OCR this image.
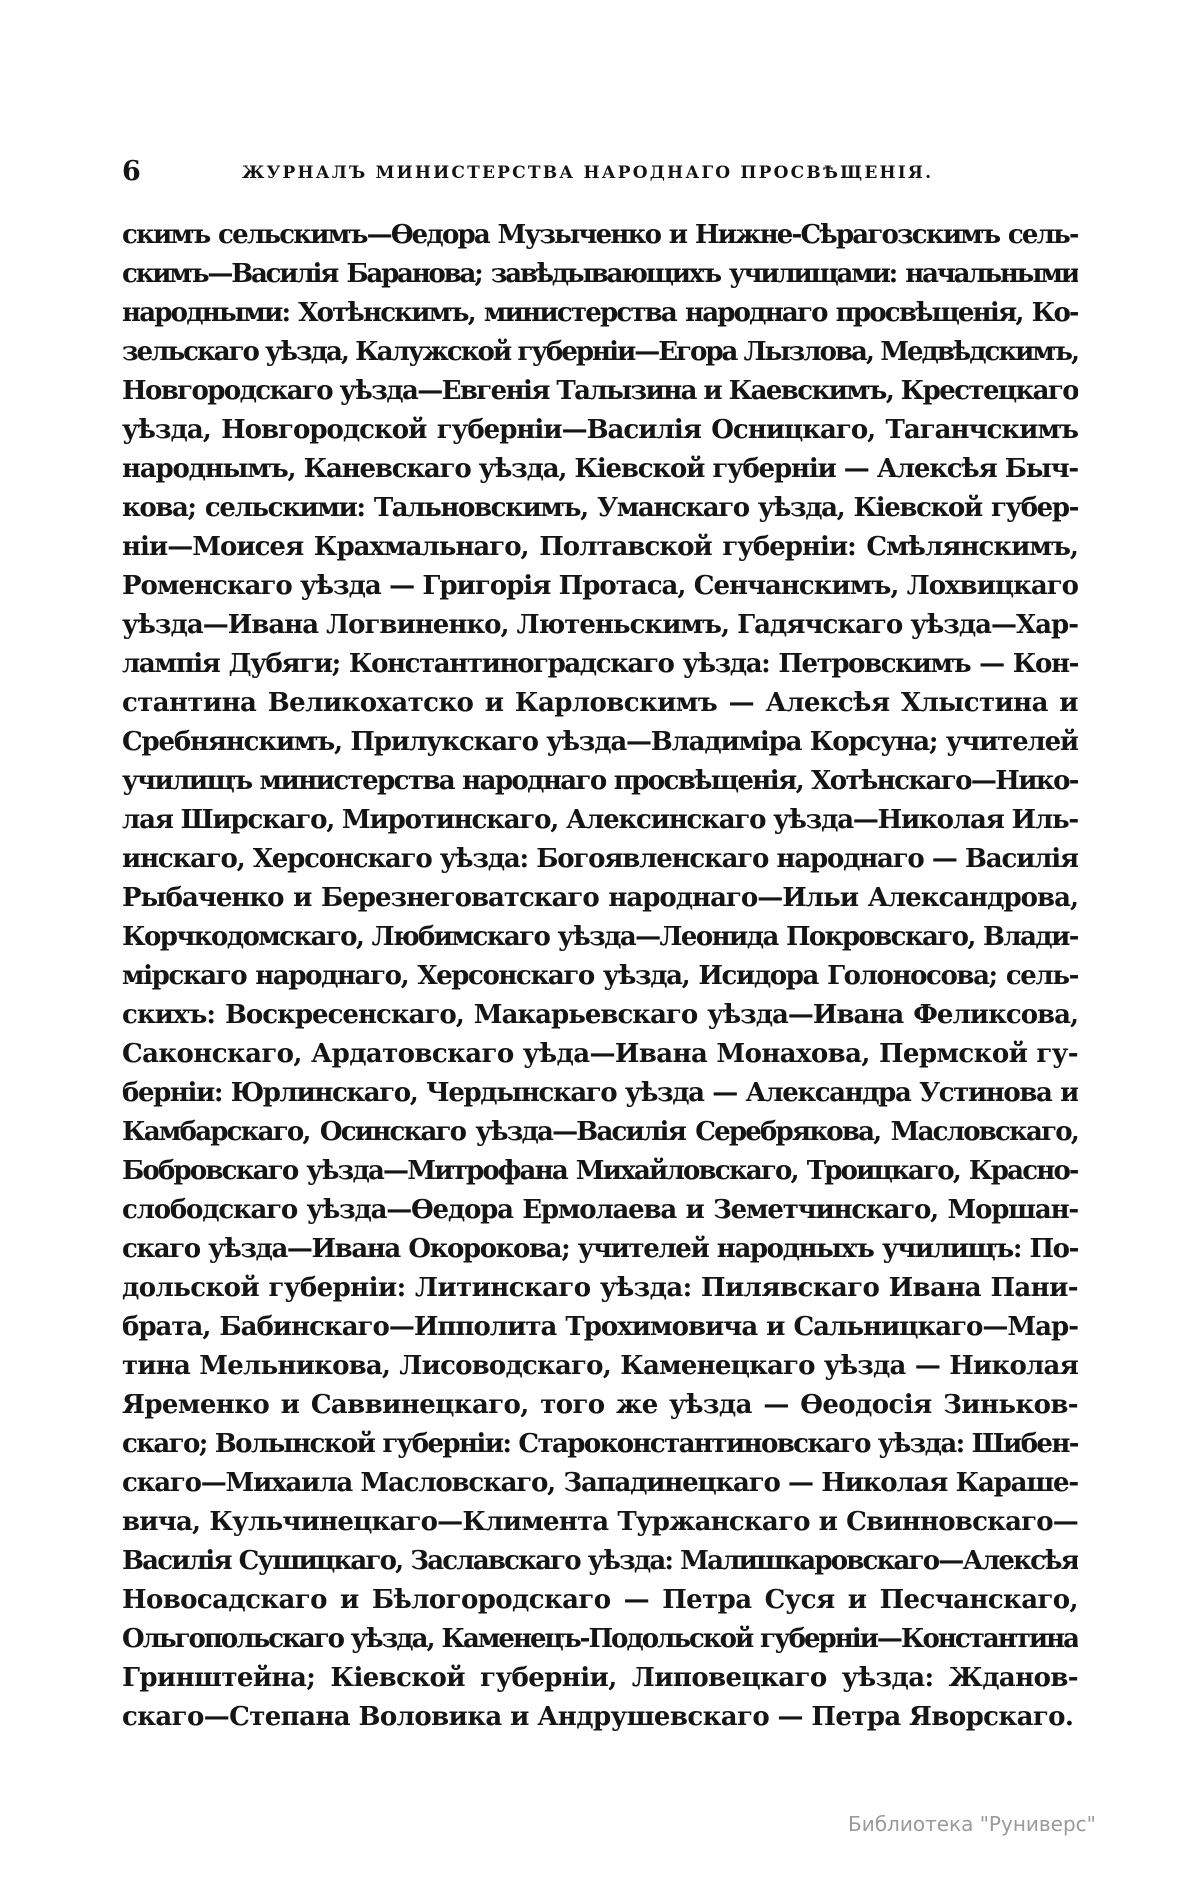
6	ЖУРНАЛЪ МИНИСТЕРСТВА НАРОДНАГО ПРОСВѢЩЕНІЯ.
скимъ сельскимъ—Ѳедора Музыченко и Нижне-Сѣрагозскимъ сель-
скимъ—Василія Баранова; завѣдывающихъ училищами: начальными
народными: Хотѣнскимъ, министерства народнаго просвѣщенія, Ко-
зельскаго уѣзда, Калужской губерніи—Егора Лызлова, Медвѣдскимъ,
Новгородскаго уѣзда—Евгенія Талызина и Каевскимъ, Крестецкаго
уѣзда, Новгородской губерніи—Василія Осницкаго, Таганчскимъ
народнымъ, Каневскаго уѣзда, Кіевской губерніи — Алексѣя Быч-
кова; сельскими: Тальновскимъ, Уманскаго уѣзда, Кіевской губер-
ніи—Моисея Крахмальнаго, Полтавской губерніи: Смѣлянскимъ,
Роменскаго уѣзда — Григорія Протаса, Сенчанскимъ, Лохвицкаго
уѣзда—Ивана Логвиненко, Лютеньскимъ, Гадячскаго уѣзда—Хар-
лампія Дубяги; Константиноградскаго уѣзда: Петровскимъ — Кон-
стантина Великохатско и Карловскимъ — Алексѣя Хлыстина и
Сребнянскимъ, Прилукскаго уѣзда—Владиміра Корсуна; учителей
училищъ министерства народнаго просвѣщенія, Хотѣнскаго—Нико-
лая Ширскаго, Миротинскаго, Алексинскаго уѣзда—Николая Иль-
инскаго, Херсонскаго уѣзда: Богоявленскаго народнаго — Василія
Рыбаченко и Березнеговатскаго народнаго—Ильи Александрова,
Корчкодомскаго, Любимскаго уѣзда—Леонида Покровскаго, Влади-
мірскаго народнаго, Херсонскаго уѣзда, Исидора Голоносова; сель-
скихъ: Воскресенскаго, Макарьевскаго уѣзда—Ивана Феликсова,
Саконскаго, Ардатовскаго уѣда—Ивана Монахова, Пермской гу-
берніи: Юрлинскаго, Чердынскаго уѣзда — Александра Устинова и
Камбарскаго, Осинскаго уѣзда—Василія Серебрякова, Масловскаго,
Бобровскаго уѣзда—Митрофана Михайловскаго, Троицкаго, Красно-
слободскаго уѣзда—Ѳедора Ермолаева и Земетчинскаго, Моршан-
скаго уѣзда—Ивана Окорокова; учителей народныхъ училищъ: По-
дольской губерніи: Литинскаго уѣзда: Пилявскаго Ивана Пани-
брата, Бабинскаго—Ипполита Трохимовича и Сальницкаго—Мар-
тина Мельникова, Лисоводскаго, Каменецкаго уѣзда — Николая
Яременко и Саввинецкаго, того же уѣзда — Ѳеодосія Зиньков-
скаго; Волынской губерніи: Староконстантиновскаго уѣзда: Шибен-
скаго—Михаила Масловскаго, Западинецкаго — Николая Караше-
вича, Кульчинецкаго—Климента Туржанскаго и Свинновскаго—
Василія Сушицкаго, Заславскаго уѣзда: Малишкаровскаго—Алексѣя
Новосадскаго и Бѣлогородскаго — Петра Суся и Песчанскаго,
Ольгопольскаго уѣзда, Каменецъ-Подольской губерніи—Константина
Гринштейна; Кіевской губерніи, Липовецкаго уѣзда: Жданов-
скаго—Степана Воловика и Андрушевскаго — Петра Яворскаго.
Библиотека "Руниверс"
